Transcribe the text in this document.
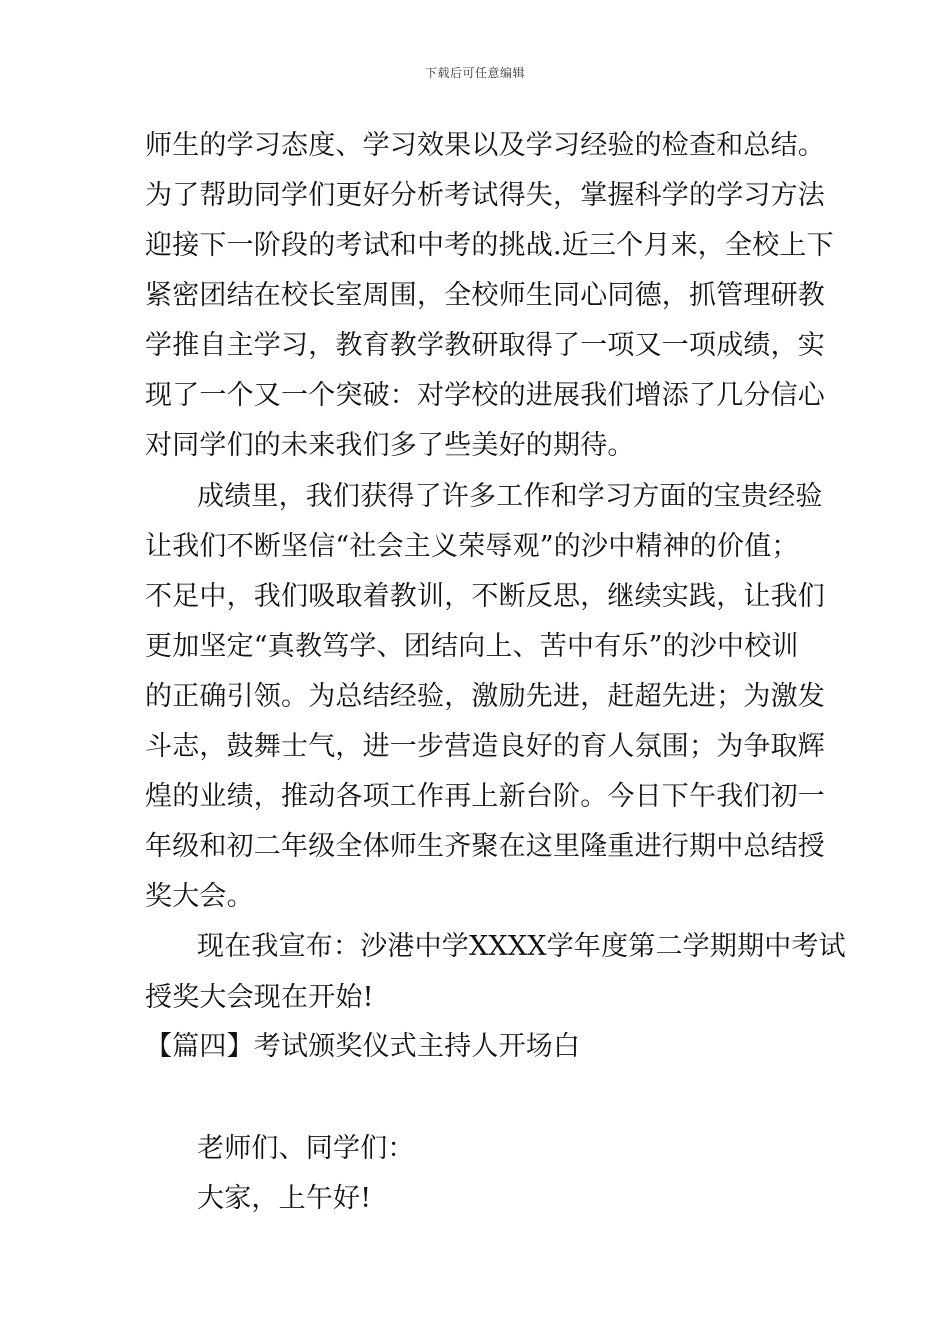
下载后可任意编辑
师生的学习态度、学习效果以及学习经验的检查和总结。
为了帮助同学们更好分析考试得失，掌握科学的学习方法
迎接下一阶段的考试和中考的挑战.近三个月来，全校上下
紧密团结在校长室周围，全校师生同心同德，抓管理研教
学推自主学习，教育教学教研取得了一项又一项成绩，实
现了一个又一个突破：对学校的进展我们增添了几分信心
对同学们的未来我们多了些美好的期待。
成绩里，我们获得了许多工作和学习方面的宝贵经验
让我们不断坚信“社会主义荣辱观”的沙中精神的价值；
不足中，我们吸取着教训，不断反思，继续实践，让我们
更加坚定“真教笃学、团结向上、苦中有乐”的沙中校训
的正确引领。为总结经验，激励先进，赶超先进；为激发
斗志，鼓舞士气，进一步营造良好的育人氛围；为争取辉
煌的业绩，推动各项工作再上新台阶。今日下午我们初一
年级和初二年级全体师生齐聚在这里隆重进行期中总结授
奖大会。
现在我宣布：沙港中学XXXX学年度第二学期期中考试
授奖大会现在开始!
【篇四】考试颁奖仪式主持人开场白
老师们、同学们：
大家，上午好!
